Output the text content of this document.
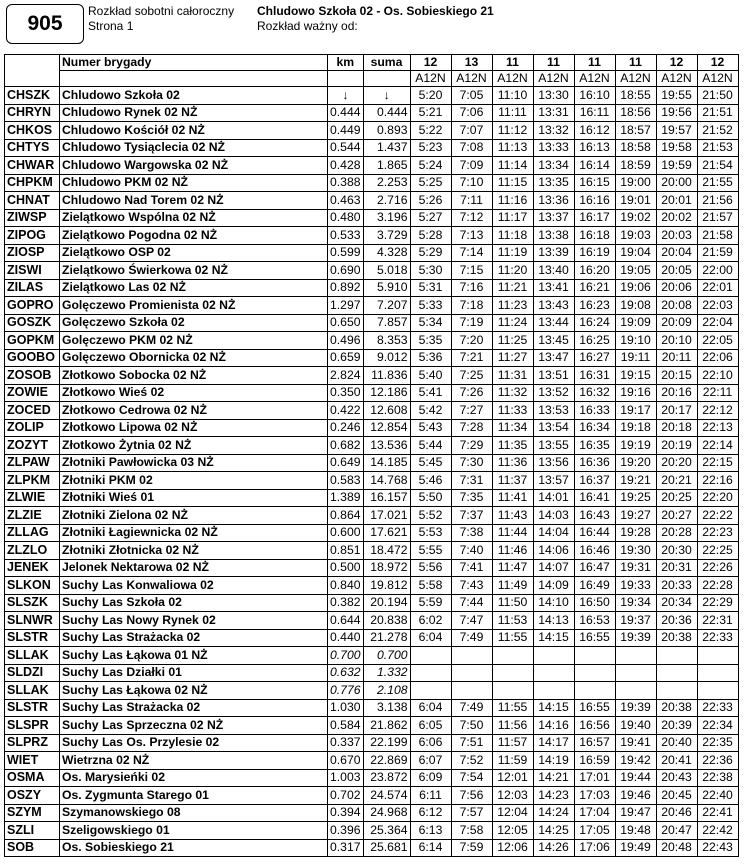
905
Rozkład sobotni całoroczny
Strona 1
Chludowo Szkoła 02 - Os. Sobieskiego 21
Rozkład ważny od:
	Numer brygady	km	suma	12	13	11	11	11	11	12	12
				A12N	A12N	A12N	A12N	A12N	A12N	A12N	A12N
CHSZK	Chludowo Szkoła 02	↓	↓	5:20	7:05	11:10	13:30	16:10	18:55	19:55	21:50
CHRYN	Chludowo Rynek 02 NŻ	0.444	0.444	5:21	7:06	11:11	13:31	16:11	18:56	19:56	21:51
CHKOS	Chludowo Kościół 02 NŻ	0.449	0.893	5:22	7:07	11:12	13:32	16:12	18:57	19:57	21:52
CHTYS	Chludowo Tysiąclecia 02 NŻ	0.544	1.437	5:23	7:08	11:13	13:33	16:13	18:58	19:58	21:53
CHWAR	Chludowo Wargowska 02 NŻ	0.428	1.865	5:24	7:09	11:14	13:34	16:14	18:59	19:59	21:54
CHPKM	Chludowo PKM 02 NŻ	0.388	2.253	5:25	7:10	11:15	13:35	16:15	19:00	20:00	21:55
CHNAT	Chludowo Nad Torem 02 NŻ	0.463	2.716	5:26	7:11	11:16	13:36	16:16	19:01	20:01	21:56
ZIWSP	Zielątkowo Wspólna 02 NŻ	0.480	3.196	5:27	7:12	11:17	13:37	16:17	19:02	20:02	21:57
ZIPOG	Zielątkowo Pogodna 02 NŻ	0.533	3.729	5:28	7:13	11:18	13:38	16:18	19:03	20:03	21:58
ZIOSP	Zielątkowo OSP 02	0.599	4.328	5:29	7:14	11:19	13:39	16:19	19:04	20:04	21:59
ZISWI	Zielątkowo Świerkowa 02 NŻ	0.690	5.018	5:30	7:15	11:20	13:40	16:20	19:05	20:05	22:00
ZILAS	Zielątkowo Las 02 NŻ	0.892	5.910	5:31	7:16	11:21	13:41	16:21	19:06	20:06	22:01
GOPRO	Golęczewo Promienista 02 NŻ	1.297	7.207	5:33	7:18	11:23	13:43	16:23	19:08	20:08	22:03
GOSZK	Golęczewo Szkoła 02	0.650	7.857	5:34	7:19	11:24	13:44	16:24	19:09	20:09	22:04
GOPKM	Golęczewo PKM 02 NŻ	0.496	8.353	5:35	7:20	11:25	13:45	16:25	19:10	20:10	22:05
GOOBO	Golęczewo Obornicka 02 NŻ	0.659	9.012	5:36	7:21	11:27	13:47	16:27	19:11	20:11	22:06
ZOSOB	Złotkowo Sobocka 02 NŻ	2.824	11.836	5:40	7:25	11:31	13:51	16:31	19:15	20:15	22:10
ZOWIE	Złotkowo Wieś 02	0.350	12.186	5:41	7:26	11:32	13:52	16:32	19:16	20:16	22:11
ZOCED	Złotkowo Cedrowa 02 NŻ	0.422	12.608	5:42	7:27	11:33	13:53	16:33	19:17	20:17	22:12
ZOLIP	Złotkowo Lipowa 02 NŻ	0.246	12.854	5:43	7:28	11:34	13:54	16:34	19:18	20:18	22:13
ZOZYT	Złotkowo Żytnia 02 NŻ	0.682	13.536	5:44	7:29	11:35	13:55	16:35	19:19	20:19	22:14
ZLPAW	Złotniki Pawłowicka 03 NŻ	0.649	14.185	5:45	7:30	11:36	13:56	16:36	19:20	20:20	22:15
ZLPKM	Złotniki PKM 02	0.583	14.768	5:46	7:31	11:37	13:57	16:37	19:21	20:21	22:16
ZLWIE	Złotniki Wieś 01	1.389	16.157	5:50	7:35	11:41	14:01	16:41	19:25	20:25	22:20
ZLZIE	Złotniki Zielona 02 NŻ	0.864	17.021	5:52	7:37	11:43	14:03	16:43	19:27	20:27	22:22
ZLLAG	Złotniki Łagiewnicka 02 NŻ	0.600	17.621	5:53	7:38	11:44	14:04	16:44	19:28	20:28	22:23
ZLZLO	Złotniki Złotnicka 02 NŻ	0.851	18.472	5:55	7:40	11:46	14:06	16:46	19:30	20:30	22:25
JENEK	Jelonek Nektarowa 02 NŻ	0.500	18.972	5:56	7:41	11:47	14:07	16:47	19:31	20:31	22:26
SLKON	Suchy Las Konwaliowa 02	0.840	19.812	5:58	7:43	11:49	14:09	16:49	19:33	20:33	22:28
SLSZK	Suchy Las Szkoła 02	0.382	20.194	5:59	7:44	11:50	14:10	16:50	19:34	20:34	22:29
SLNWR	Suchy Las Nowy Rynek 02	0.644	20.838	6:02	7:47	11:53	14:13	16:53	19:37	20:36	22:31
SLSTR	Suchy Las Strażacka 02	0.440	21.278	6:04	7:49	11:55	14:15	16:55	19:39	20:38	22:33
SLLAK	Suchy Las Łąkowa 01 NŻ	0.700	0.700								
SLDZI	Suchy Las Działki 01	0.632	1.332								
SLLAK	Suchy Las Łąkowa 02 NŻ	0.776	2.108								
SLSTR	Suchy Las Strażacka 02	1.030	3.138	6:04	7:49	11:55	14:15	16:55	19:39	20:38	22:33
SLSPR	Suchy Las Sprzeczna 02 NŻ	0.584	21.862	6:05	7:50	11:56	14:16	16:56	19:40	20:39	22:34
SLPRZ	Suchy Las Os. Przylesie 02	0.337	22.199	6:06	7:51	11:57	14:17	16:57	19:41	20:40	22:35
WIET	Wietrzna 02 NŻ	0.670	22.869	6:07	7:52	11:59	14:19	16:59	19:42	20:41	22:36
OSMA	Os. Marysieńki 02	1.003	23.872	6:09	7:54	12:01	14:21	17:01	19:44	20:43	22:38
OSZY	Os. Zygmunta Starego 01	0.702	24.574	6:11	7:56	12:03	14:23	17:03	19:46	20:45	22:40
SZYM	Szymanowskiego 08	0.394	24.968	6:12	7:57	12:04	14:24	17:04	19:47	20:46	22:41
SZLI	Szeligowskiego 01	0.396	25.364	6:13	7:58	12:05	14:25	17:05	19:48	20:47	22:42
SOB	Os. Sobieskiego 21	0.317	25.681	6:14	7:59	12:06	14:26	17:06	19:49	20:48	22:43
